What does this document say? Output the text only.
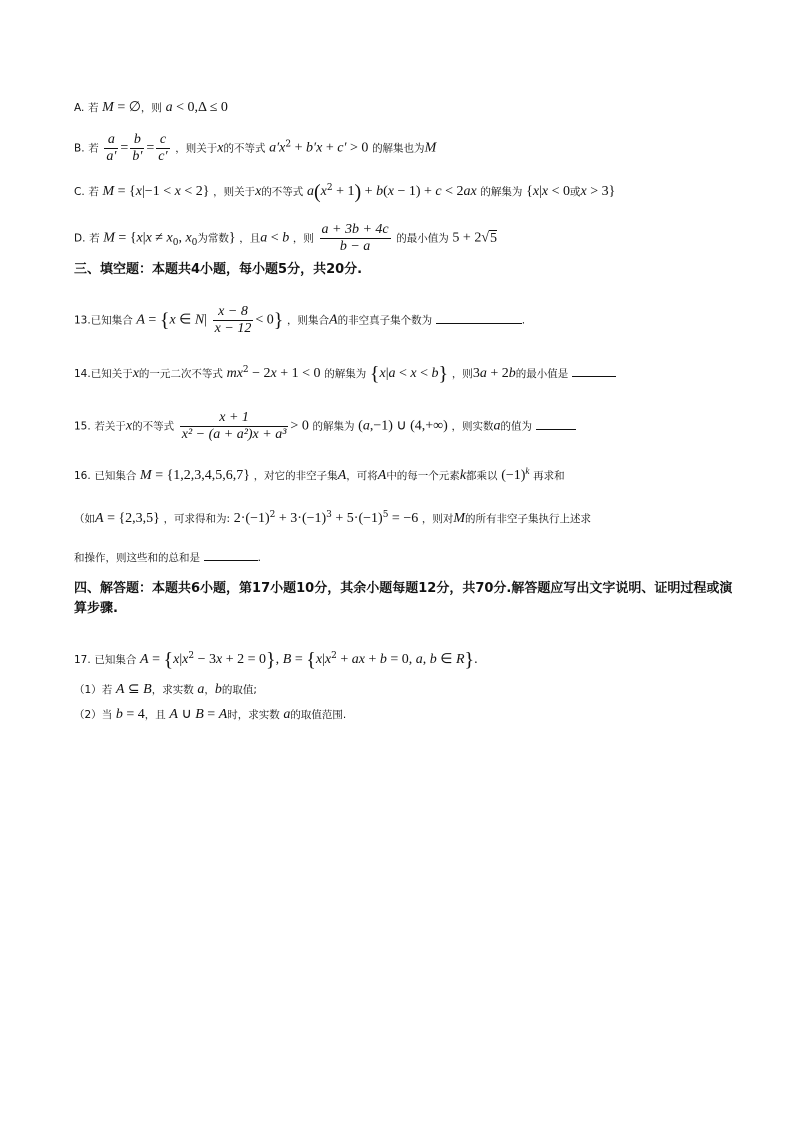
A. 若 M = ∅，则 a < 0,Δ ≤ 0
B. 若 $\frac{a}{a'} = \frac{b}{b'} = \frac{c}{c'}$ ，则关于x的不等式 $a'x^2 + b'x + c' > 0$ 的解集也为M
C. 若 M = {x|−1 < x < 2} ，则关于x的不等式 $a(x^2 + 1) + b(x - 1) + c < 2ax$ 的解集为 {x|x < 0或x > 3}
D. 若 $M = \{x|x \ne x_0$, $x_0$为常数} ，且a < b ，则 $\frac{a + 3b + 4c}{b - a}$ 的最小值为 5 + 2√5
三、填空题：本题共4小题，每小题5分，共20分.
13.已知集合 A = {x ∈ $N| \frac{x - 8}{x - 12} < 0$} ，则集合A的非空真子集个数为	.
14.已知关于x的一元二次不等式 $mx^2 - 2x + 1 < 0$ 的解集为 {x|a < x < b} ，则3a + 2b的最小值是
15. 若关于x的不等式 $\frac{x + 1}{\text{x² − (a + a²)x + a³}} > 0$ 的解集为 (a,−1) ∪ (4,+∞) ，则实数a的值为
16. 已知集合 M = {1,2,3,4,5,6,7} ，对它的非空子集A，可将A中的每一个元素k都乘以 $(-1)^k$ 再求和
（如A = {2,3,5} ，可求得和为: $2\cdot(-1)^2 + 3\cdot(-1)^3 + 5\cdot(-1)^5 = -6$ ，则对M的所有非空子集执行上述求
和操作，则这些和的总和是	.
四、解答题：本题共6小题，第17小题10分，其余小题每题12分，共70分.解答题应写出文字说明、证明过程或演算步骤.
17. 已知集合 $A = \{x|x^2 - 3x + 2 = 0\}$, $B = \{x|x^2$ + ax + b = 0, a, b ∈ R}.
（1）若 A ⊆ B，求实数 a，b的取值;
（2）当 b = 4，且 A ∪ B = A时，求实数 a的取值范围.
